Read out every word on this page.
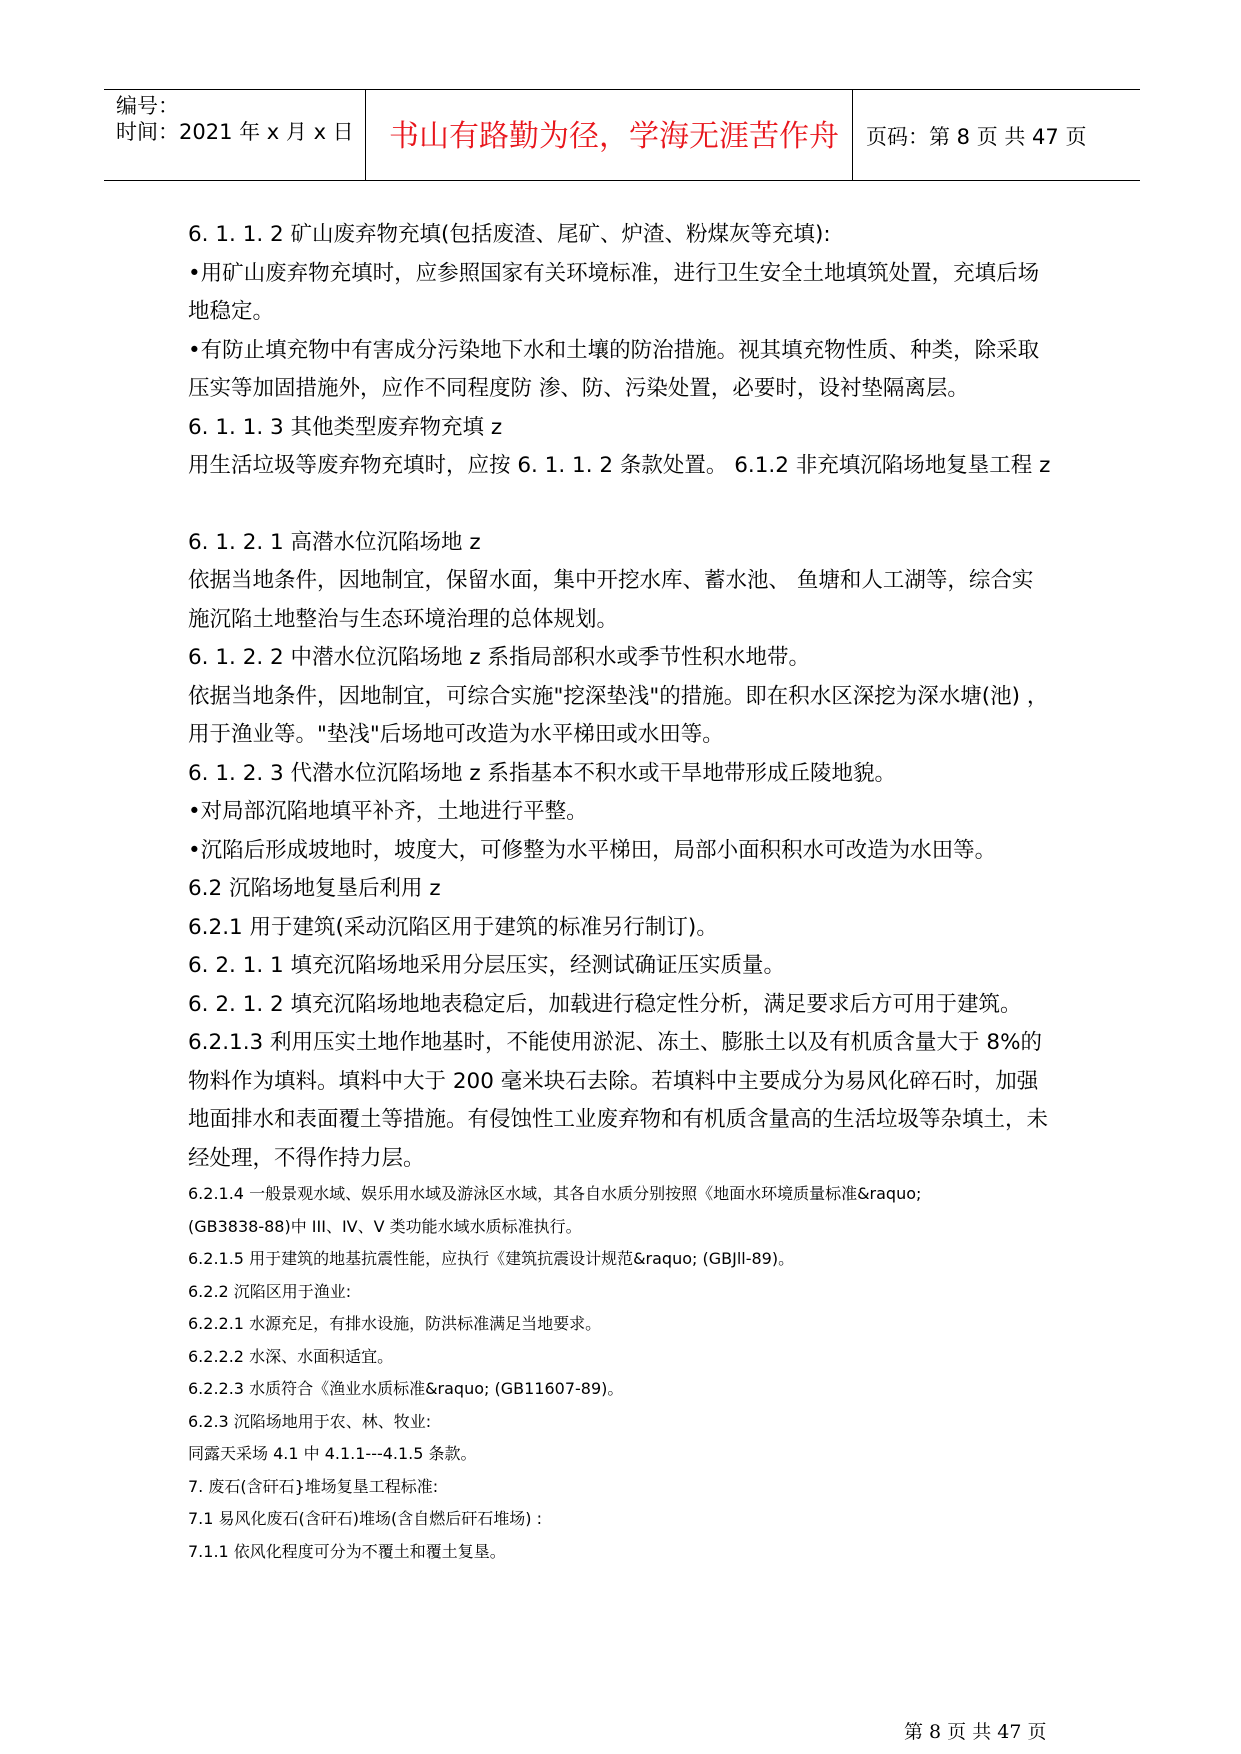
编号：
时间：2021 年 x 月 x 日	书山有路勤为径，学海无涯苦作舟	页码：第 8 页 共 47 页
6. 1. 1. 2 矿山废弃物充填(包括废渣、尾矿、炉渣、粉煤灰等充填):
•用矿山废弃物充填时，应参照国家有关环境标准，进行卫生安全土地填筑处置，充填后场
地稳定。
•有防止填充物中有害成分污染地下水和土壤的防治措施。视其填充物性质、种类，除采取
压实等加固措施外，应作不同程度防 渗、防、污染处置，必要时，设衬垫隔离层。
6. 1. 1. 3 其他类型废弃物充填 z
用生活垃圾等废弃物充填时，应按 6. 1. 1. 2 条款处置。 6.1.2 非充填沉陷场地复垦工程 z
6. 1. 2. 1 高潜水位沉陷场地 z
依据当地条件，因地制宜，保留水面，集中开挖水库、蓄水池、 鱼塘和人工湖等，综合实
施沉陷土地整治与生态环境治理的总体规划。
6. 1. 2. 2 中潜水位沉陷场地 z 系指局部积水或季节性积水地带。
依据当地条件，因地制宜，可综合实施"挖深垫浅"的措施。即在积水区深挖为深水塘(池) ，
用于渔业等。"垫浅"后场地可改造为水平梯田或水田等。
6. 1. 2. 3 代潜水位沉陷场地 z 系指基本不积水或干旱地带形成丘陵地貌。
•对局部沉陷地填平补齐，土地进行平整。
•沉陷后形成坡地时，坡度大，可修整为水平梯田，局部小面积积水可改造为水田等。
6.2 沉陷场地复垦后利用 z
6.2.1 用于建筑(采动沉陷区用于建筑的标准另行制订)。
6. 2. 1. 1 填充沉陷场地采用分层压实，经测试确证压实质量。
6. 2. 1. 2 填充沉陷场地地表稳定后，加载进行稳定性分析，满足要求后方可用于建筑。
6.2.1.3 利用压实土地作地基时，不能使用淤泥、冻土、膨胀土以及有机质含量大于 8%的
物料作为填料。填料中大于 200 毫米块石去除。若填料中主要成分为易风化碎石时，加强
地面排水和表面覆土等措施。有侵蚀性工业废弃物和有机质含量高的生活垃圾等杂填土，未
经处理，不得作持力层。
6.2.1.4 一般景观水域、娱乐用水域及游泳区水域，其各自水质分别按照《地面水环境质量标准&raquo;
(GB3838-88)中 III、IV、V 类功能水域水质标准执行。
6.2.1.5 用于建筑的地基抗震性能，应执行《建筑抗震设计规范&raquo; (GBJll-89)。
6.2.2 沉陷区用于渔业:
6.2.2.1 水源充足，有排水设施，防洪标准满足当地要求。
6.2.2.2 水深、水面积适宜。
6.2.2.3 水质符合《渔业水质标准&raquo; (GB11607-89)。
6.2.3 沉陷场地用于农、林、牧业:
同露天采场 4.1 中 4.1.1---4.1.5 条款。
7. 废石(含矸石}堆场复垦工程标准:
7.1 易风化废石(含矸石)堆场(含自燃后矸石堆场) :
7.1.1 依风化程度可分为不覆土和覆土复垦。
第 8 页 共 47 页
